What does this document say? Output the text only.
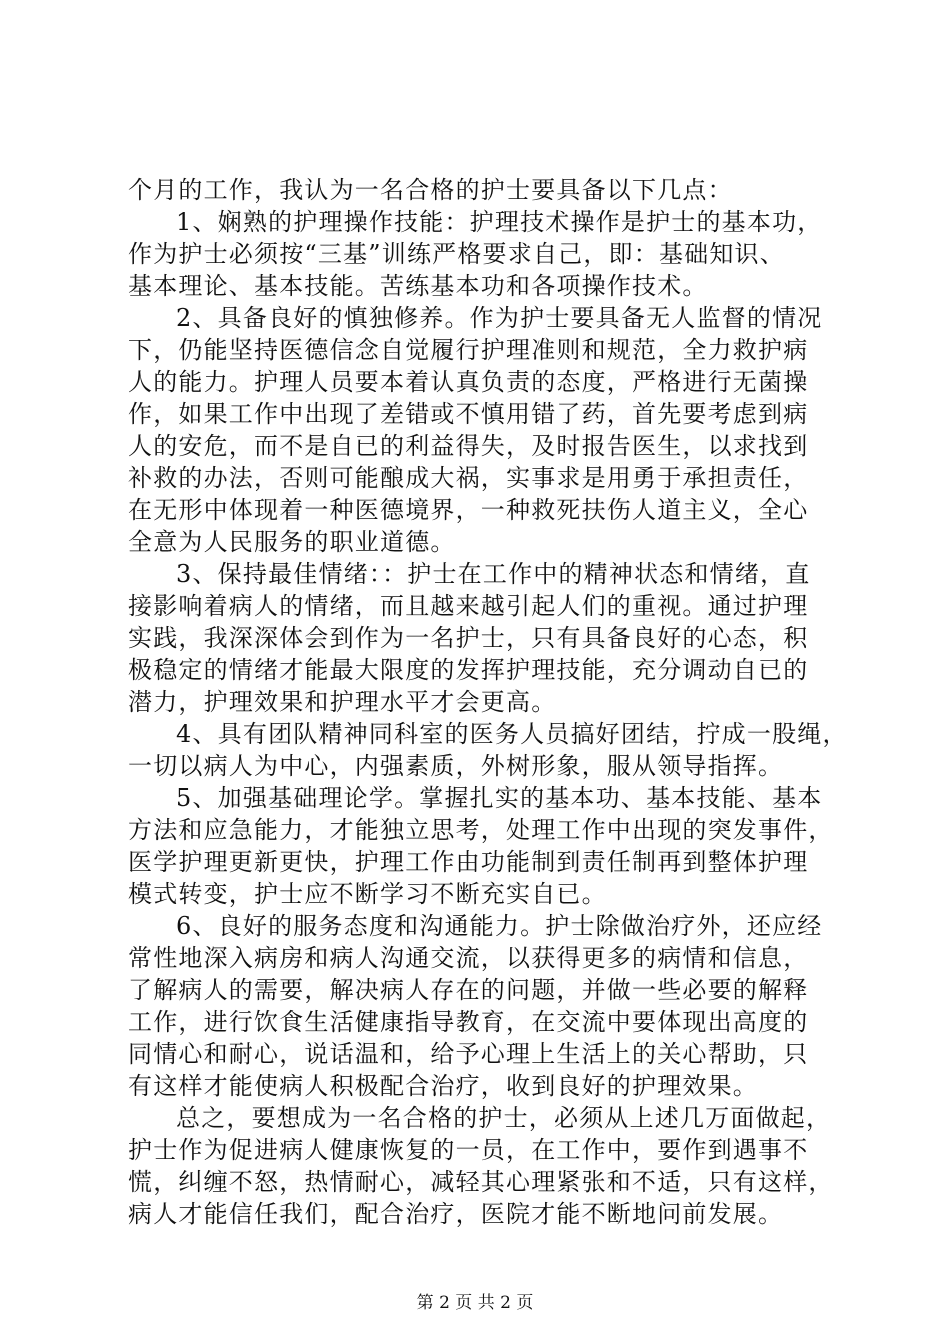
个月的工作，我认为一名合格的护士要具备以下几点：
1、娴熟的护理操作技能：护理技术操作是护士的基本功，
作为护士必须按“三基”训练严格要求自己，即：基础知识、
基本理论、基本技能。苦练基本功和各项操作技术。
2、具备良好的慎独修养。作为护士要具备无人监督的情况
下，仍能坚持医德信念自觉履行护理准则和规范，全力救护病
人的能力。护理人员要本着认真负责的态度，严格进行无菌操
作，如果工作中出现了差错或不慎用错了药，首先要考虑到病
人的安危，而不是自已的利益得失，及时报告医生，以求找到
补救的办法，否则可能酿成大祸，实事求是用勇于承担责任，
在无形中体现着一种医德境界，一种救死扶伤人道主义，全心
全意为人民服务的职业道德。
3、保持最佳情绪：：护士在工作中的精神状态和情绪，直
接影响着病人的情绪，而且越来越引起人们的重视。通过护理
实践，我深深体会到作为一名护士，只有具备良好的心态，积
极稳定的情绪才能最大限度的发挥护理技能，充分调动自已的
潜力，护理效果和护理水平才会更高。
4、具有团队精神同科室的医务人员搞好团结，拧成一股绳，
一切以病人为中心，内强素质，外树形象，服从领导指挥。
5、加强基础理论学。掌握扎实的基本功、基本技能、基本
方法和应急能力，才能独立思考，处理工作中出现的突发事件，
医学护理更新更快，护理工作由功能制到责任制再到整体护理
模式转变，护士应不断学习不断充实自已。
6、良好的服务态度和沟通能力。护士除做治疗外，还应经
常性地深入病房和病人沟通交流，以获得更多的病情和信息，
了解病人的需要，解决病人存在的问题，并做一些必要的解释
工作，进行饮食生活健康指导教育，在交流中要体现出高度的
同情心和耐心，说话温和，给予心理上生活上的关心帮助，只
有这样才能使病人积极配合治疗，收到良好的护理效果。
总之，要想成为一名合格的护士，必须从上述几万面做起，
护士作为促进病人健康恢复的一员，在工作中，要作到遇事不
慌，纠缠不怒，热情耐心，减轻其心理紧张和不适，只有这样，
病人才能信任我们，配合治疗，医院才能不断地问前发展。
第 2 页 共 2 页
